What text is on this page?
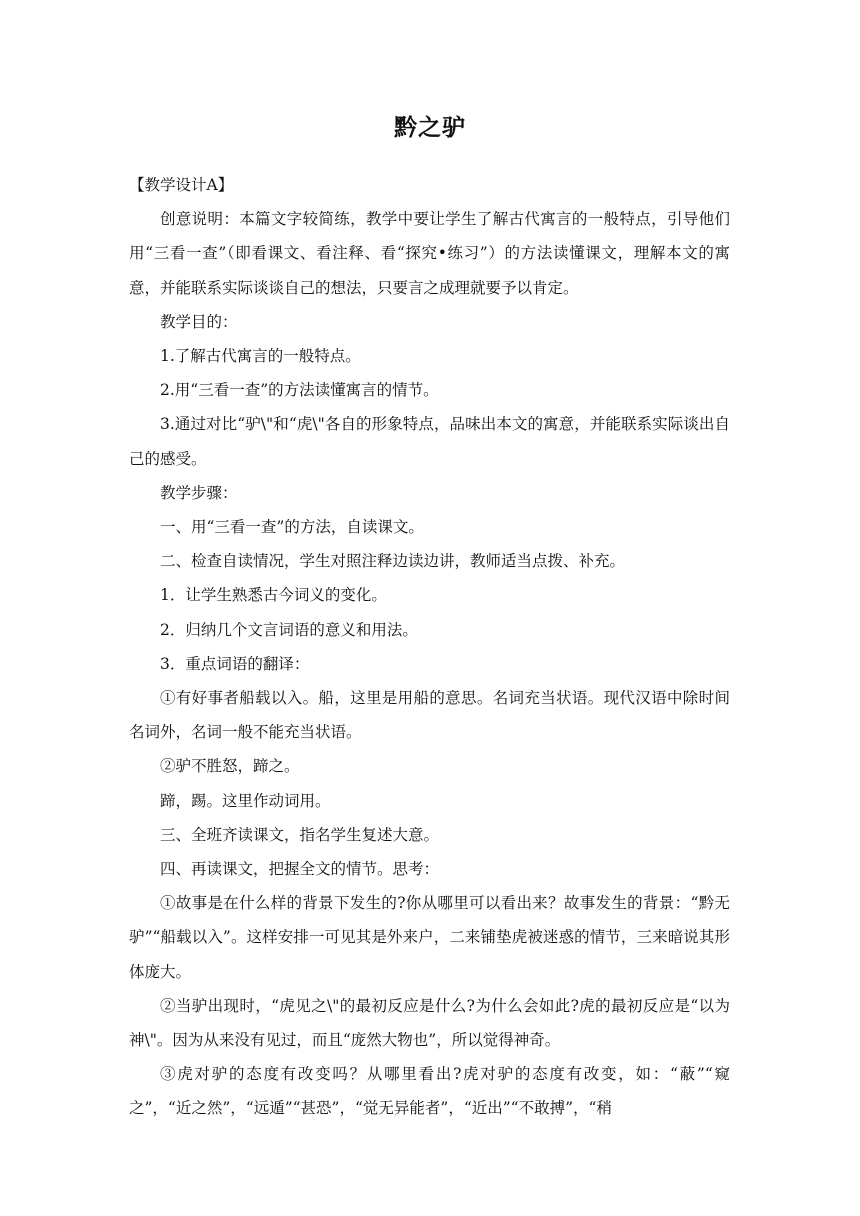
黔之驴

【教学设计A】

创意说明：本篇文字较简练，教学中要让学生了解古代寓言的一般特点，引导他们用“三看一查”（即看课文、看注释、看“探究•练习”）的方法读懂课文，理解本文的寓意，并能联系实际谈谈自己的想法，只要言之成理就要予以肯定。

教学目的：

1.了解古代寓言的一般特点。

2.用“三看一查”的方法读懂寓言的情节。

3.通过对比“驴\"和“虎\"各自的形象特点，品味出本文的寓意，并能联系实际谈出自己的感受。

教学步骤：

一、用“三看一查”的方法，自读课文。

二、检查自读情况，学生对照注释边读边讲，教师适当点拨、补充。

1．让学生熟悉古今词义的变化。

2．归纳几个文言词语的意义和用法。

3．重点词语的翻译：

①有好事者船载以入。船，这里是用船的意思。名词充当状语。现代汉语中除时间名词外，名词一般不能充当状语。

②驴不胜怒，蹄之。

蹄，踢。这里作动词用。

三、全班齐读课文，指名学生复述大意。

四、再读课文，把握全文的情节。思考：

①故事是在什么样的背景下发生的?你从哪里可以看出来？故事发生的背景：“黔无驴”“船载以入”。这样安排一可见其是外来户，二来铺垫虎被迷惑的情节，三来暗说其形体庞大。

②当驴出现时，“虎见之\"的最初反应是什么?为什么会如此?虎的最初反应是“以为神\"。因为从来没有见过，而且“庞然大物也”，所以觉得神奇。

③虎对驴的态度有改变吗？从哪里看出?虎对驴的态度有改变，如：“蔽”“窥之”，“近之然”，“远遁”“甚恐”，“觉无异能者”，“近出”“不敢搏”，“稍
